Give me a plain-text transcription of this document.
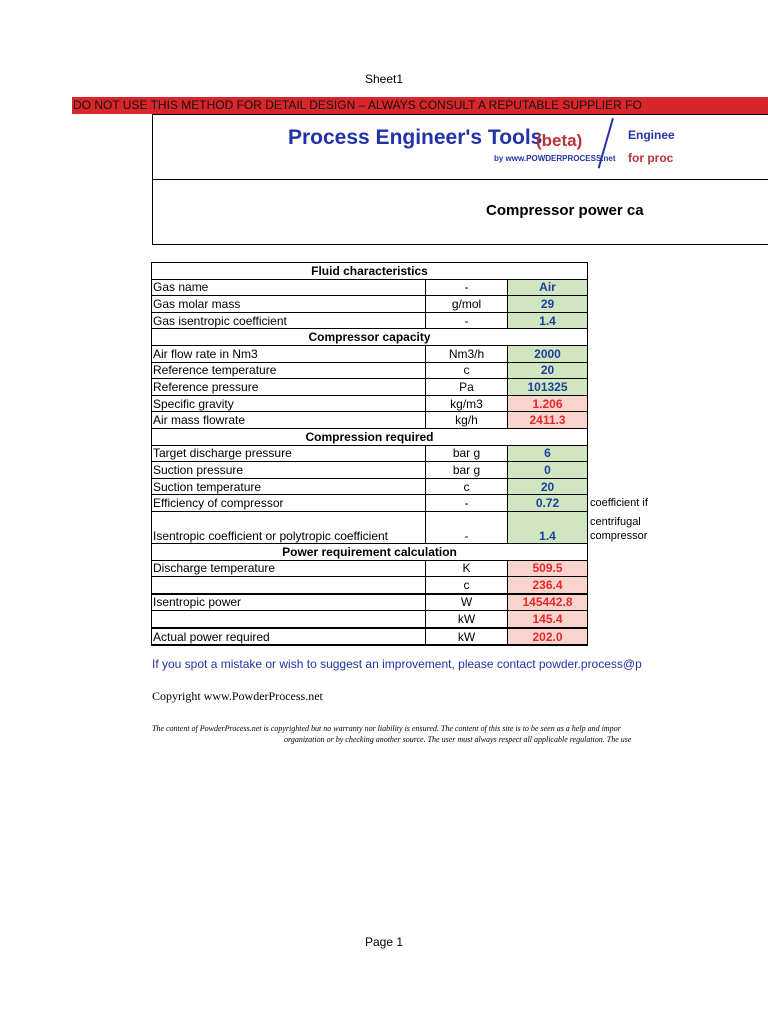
Sheet1
DO NOT USE THIS METHOD FOR DETAIL DESIGN – ALWAYS CONSULT A REPUTABLE SUPPLIER FO
Process Engineer's Tools
(beta)
by www.POWDERPROCESS.net
Enginee
for proc
Compressor power ca
Fluid characteristics			
Gas name	-	Air	
Gas molar mass	g/mol	29	
Gas isentropic coefficient	-	1.4	
Compressor capacity			
Air flow rate in Nm3	Nm3/h	2000	
Reference temperature	c	20	
Reference pressure	Pa	101325	
Specific gravity	kg/m3	1.206	
Air mass flowrate	kg/h	2411.3	
Compression required			
Target discharge pressure	bar g	6	
Suction pressure	bar g	0	
Suction temperature	c	20	
Efficiency of compressor	-	0.72	coefficient if
Isentropic coefficient or polytropic coefficient	-	1.4	centrifugal
compressor

Power requirement calculation			
Discharge temperature	K	509.5	
	c	236.4	
Isentropic power	W	145442.8	
	kW	145.4	
Actual power required	kW	202.0	
If you spot a mistake or wish to suggest an improvement, please contact powder.process@p
Copyright www.PowderProcess.net
The content of PowderProcess.net is copyrighted but no warranty nor liability is ensured. The content of this site is to be seen as a help and impor
organization or by checking another source. The user must always respect all applicable regulation. The use
Page 1
